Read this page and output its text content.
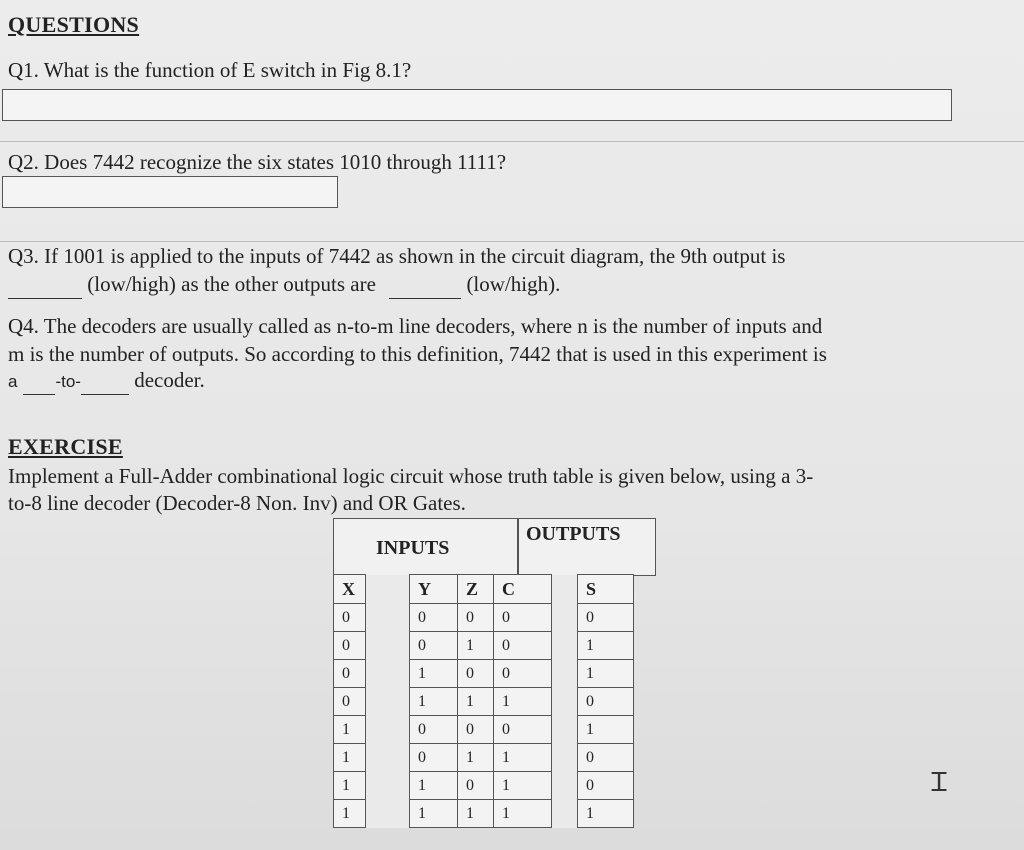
QUESTIONS
Q1. What is the function of E switch in Fig 8.1?
Q2. Does 7442 recognize the six states 1010 through 1111?
Q3. If 1001 is applied to the inputs of 7442 as shown in the circuit diagram, the 9th output is
(low/high) as the other outputs are	(low/high).
Q4. The decoders are usually called as n-to-m line decoders, where n is the number of inputs and
m is the number of outputs. So according to this definition, 7442 that is used in this experiment is
a -to-	decoder.
EXERCISE
Implement a Full-Adder combinational logic circuit whose truth table is given below, using a 3-
to-8 line decoder (Decoder-8 Non. Inv) and OR Gates.
INPUTS
OUTPUTS
X		Y	Z	C		S
0		0	0	0		0
0		0	1	0		1
0		1	0	0		1
0		1	1	1		0
1		0	0	0		1
1		0	1	1		0
1		1	0	1		0
1		1	1	1		1
Ꮖ
